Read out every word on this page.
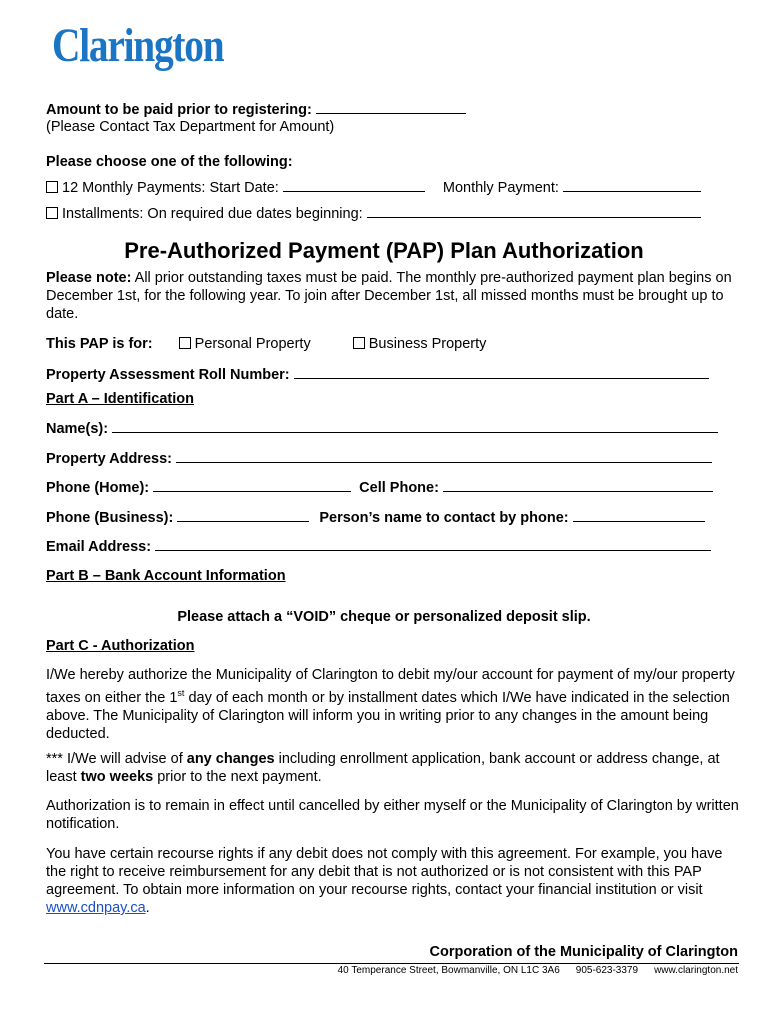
Clarington
Amount to be paid prior to registering:
(Please Contact Tax Department for Amount)
Please choose one of the following:
12 Monthly Payments: Start Date:	Monthly Payment:
Installments: On required due dates beginning:
Pre-Authorized Payment (PAP) Plan Authorization
Please note: All prior outstanding taxes must be paid. The monthly pre-authorized payment plan begins on December 1st, for the following year. To join after December 1st, all missed months must be brought up to date.
This PAP is for:	Personal Property	Business Property
Property Assessment Roll Number:
Part A – Identification
Name(s):
Property Address:
Phone (Home):	Cell Phone:
Phone (Business):	Person’s name to contact by phone:
Email Address:
Part B – Bank Account Information
Please attach a “VOID” cheque or personalized deposit slip.
Part C - Authorization
I/We hereby authorize the Municipality of Clarington to debit my/our account for payment of my/our property taxes on either the 1st day of each month or by installment dates which I/We have indicated in the selection above. The Municipality of Clarington will inform you in writing prior to any changes in the amount being deducted.
*** I/We will advise of any changes including enrollment application, bank account or address change, at least two weeks prior to the next payment.
Authorization is to remain in effect until cancelled by either myself or the Municipality of Clarington by written notification.
You have certain recourse rights if any debit does not comply with this agreement. For example, you have the right to receive reimbursement for any debit that is not authorized or is not consistent with this PAP agreement. To obtain more information on your recourse rights, contact your financial institution or visit www.cdnpay.ca.
Corporation of the Municipality of Clarington
40 Temperance Street, Bowmanville, ON L1C 3A6 905-623-3379 www.clarington.net
